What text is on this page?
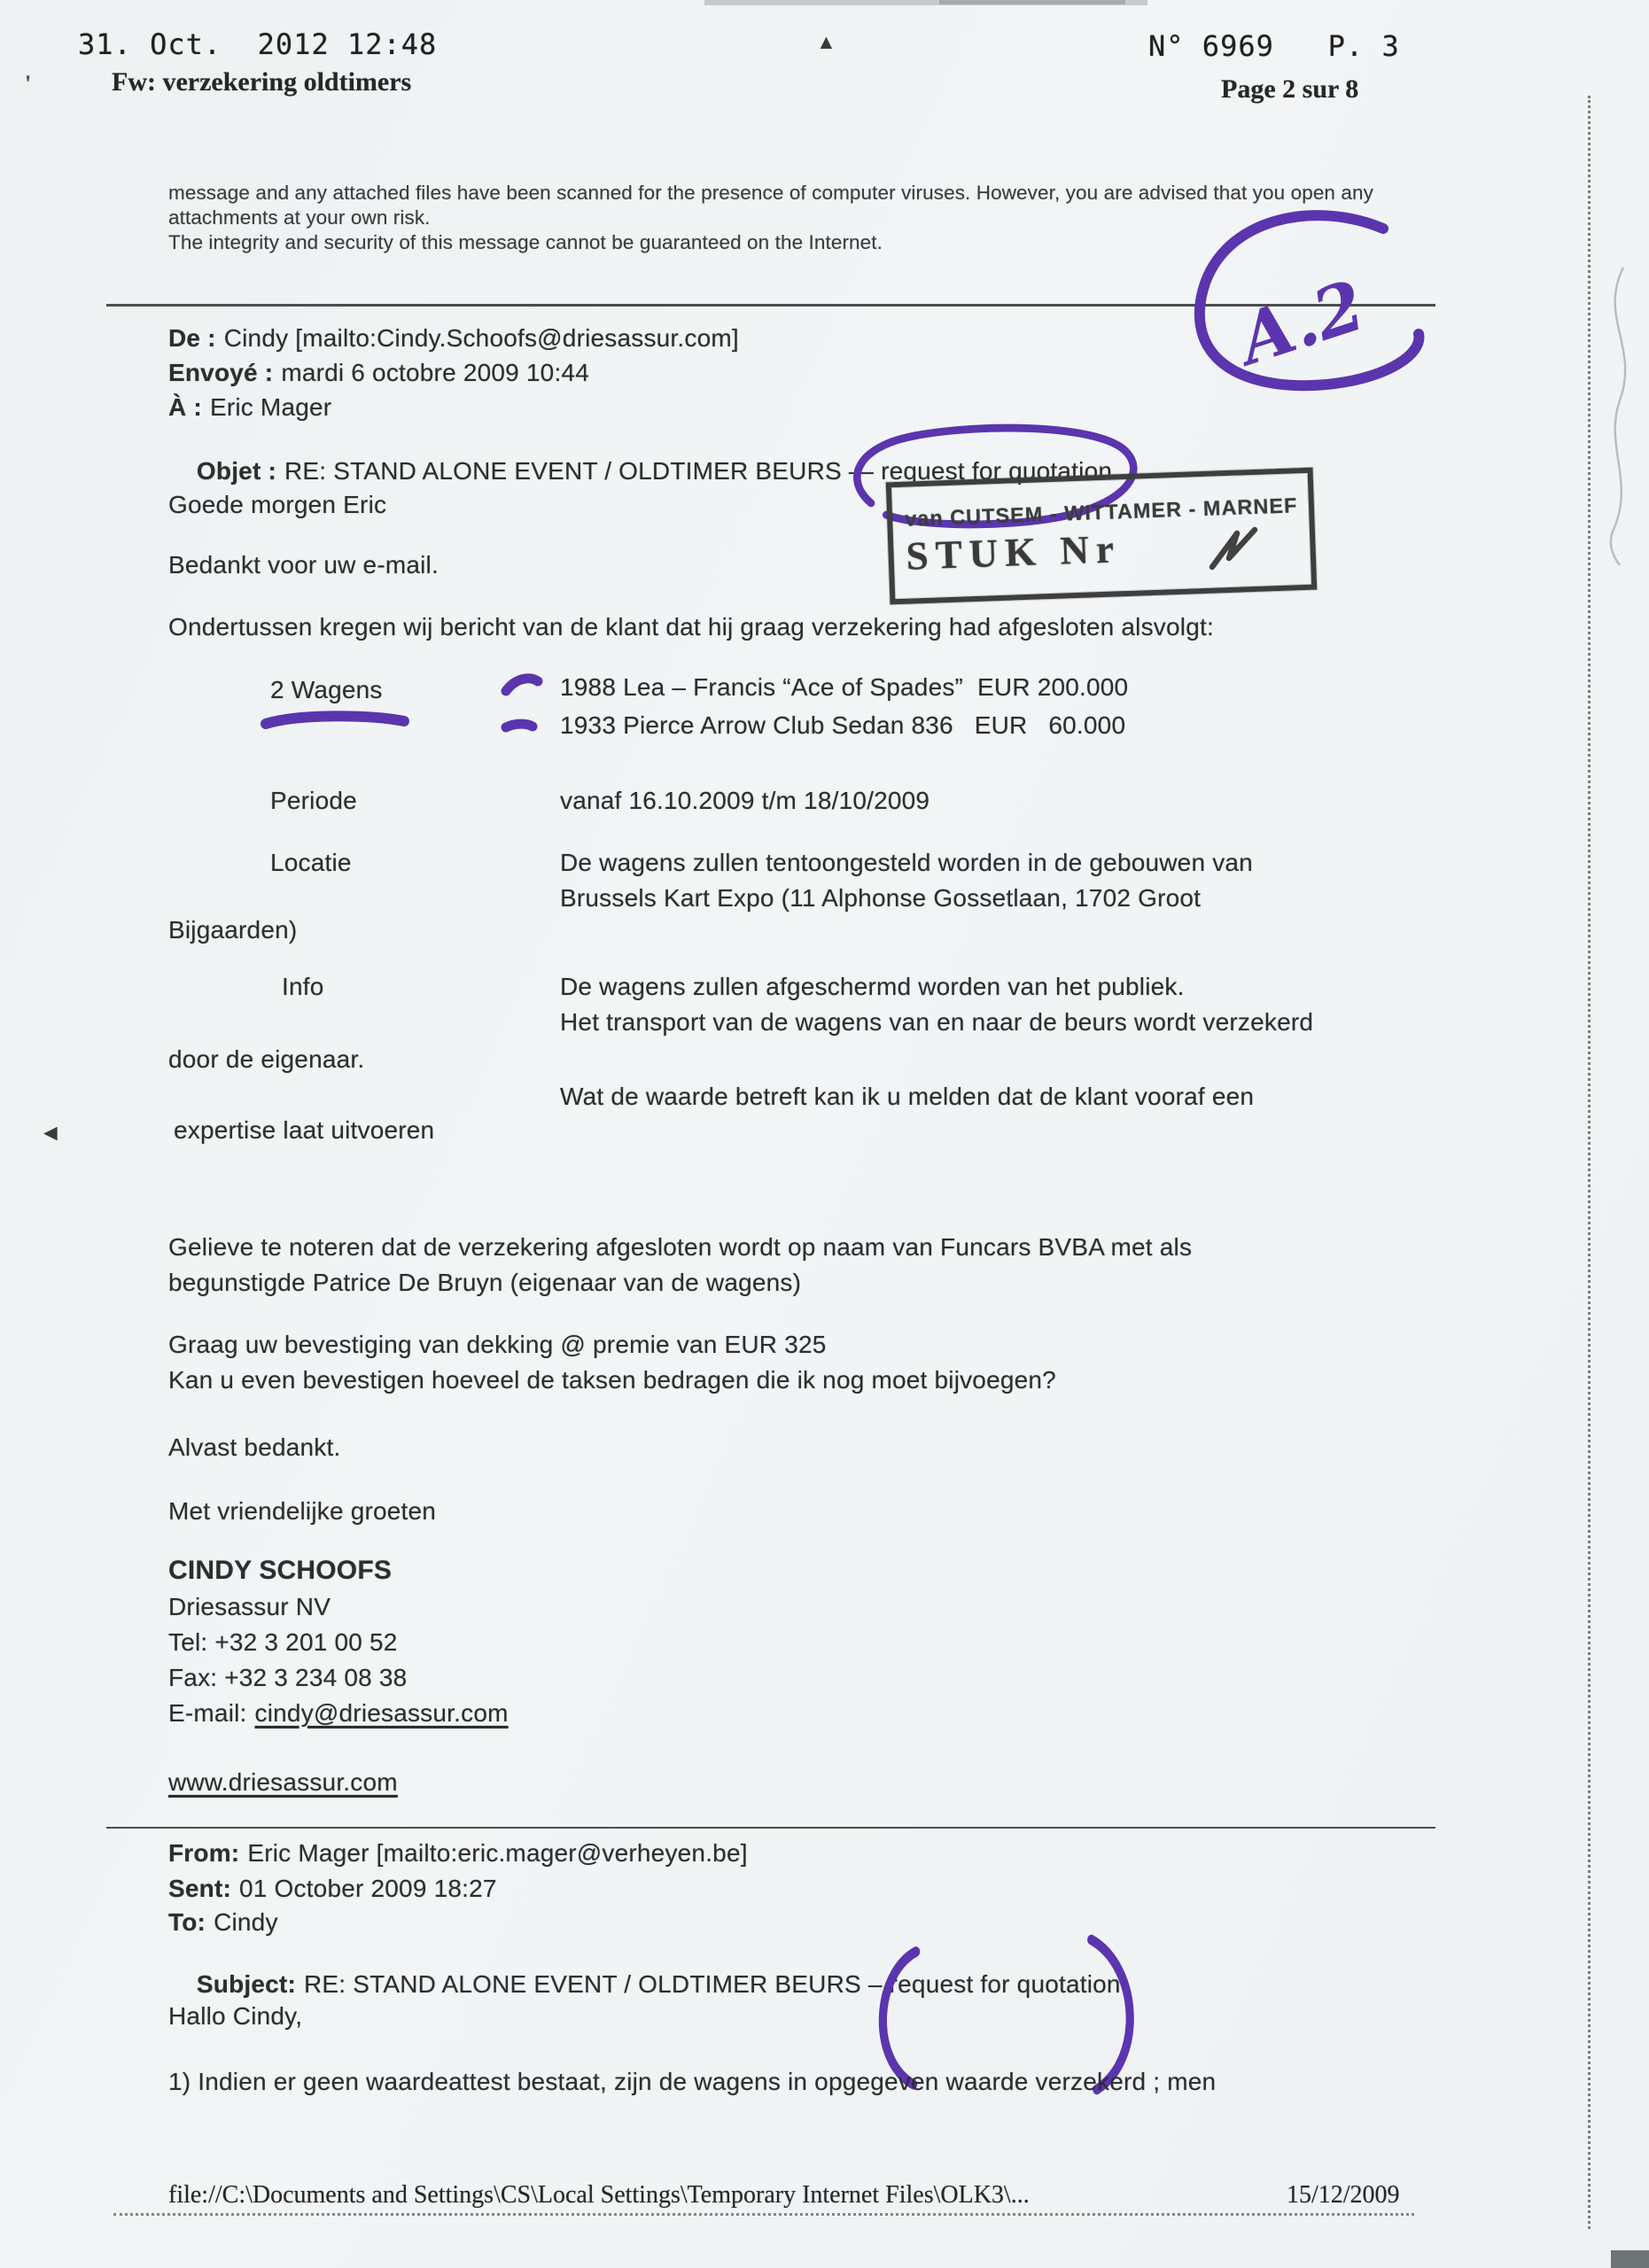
31. Oct.  2012 12:48	▲	N° 6969   P. 3
'	Fw: verzekering oldtimers	Page 2 sur 8
message and any attached files have been scanned for the presence of computer viruses. However, you are advised that you open any
attachments at your own risk.
The integrity and security of this message cannot be guaranteed on the Internet.
A.2
De : Cindy [mailto:Cindy.Schoofs@driesassur.com]
Envoyé : mardi 6 octobre 2009 10:44
À : Eric Mager

Objet : RE: STAND ALONE EVENT / OLDTIMER BEURS — request for quotation

van CUTSEM - WITTAMER - MARNEF
STUK Nr
Goede morgen Eric
Bedankt voor uw e-mail.
Ondertussen kregen wij bericht van de klant dat hij graag verzekering had afgesloten alsvolgt:
2 Wagens	1988 Lea – Francis “Ace of Spades”  EUR 200.000
1933 Pierce Arrow Club Sedan 836   EUR   60.000
Periode	vanaf 16.10.2009 t/m 18/10/2009
Locatie	De wagens zullen tentoongesteld worden in de gebouwen van
Brussels Kart Expo (11 Alphonse Gossetlaan, 1702 Groot
Bijgaarden)
Info	De wagens zullen afgeschermd worden van het publiek.
Het transport van de wagens van en naar de beurs wordt verzekerd
door de eigenaar.
Wat de waarde betreft kan ik u melden dat de klant vooraf een
expertise laat uitvoeren
◄
Gelieve te noteren dat de verzekering afgesloten wordt op naam van Funcars BVBA met als
begunstigde Patrice De Bruyn (eigenaar van de wagens)
Graag uw bevestiging van dekking @ premie van EUR 325
Kan u even bevestigen hoeveel de taksen bedragen die ik nog moet bijvoegen?
Alvast bedankt.
Met vriendelijke groeten
CINDY SCHOOFS
Driesassur NV
Tel: +32 3 201 00 52
Fax: +32 3 234 08 38
E-mail: cindy@driesassur.com
www.driesassur.com
From: Eric Mager [mailto:eric.mager@verheyen.be]
Sent: 01 October 2009 18:27
To: Cindy

Subject: RE: STAND ALONE EVENT / OLDTIMER BEURS – request for quotation

Hallo Cindy,
1) Indien er geen waardeattest bestaat, zijn de wagens in opgegeven waarde verzekerd ; men
file://C:\Documents and Settings\CS\Local Settings\Temporary Internet Files\OLK3\...	15/12/2009
